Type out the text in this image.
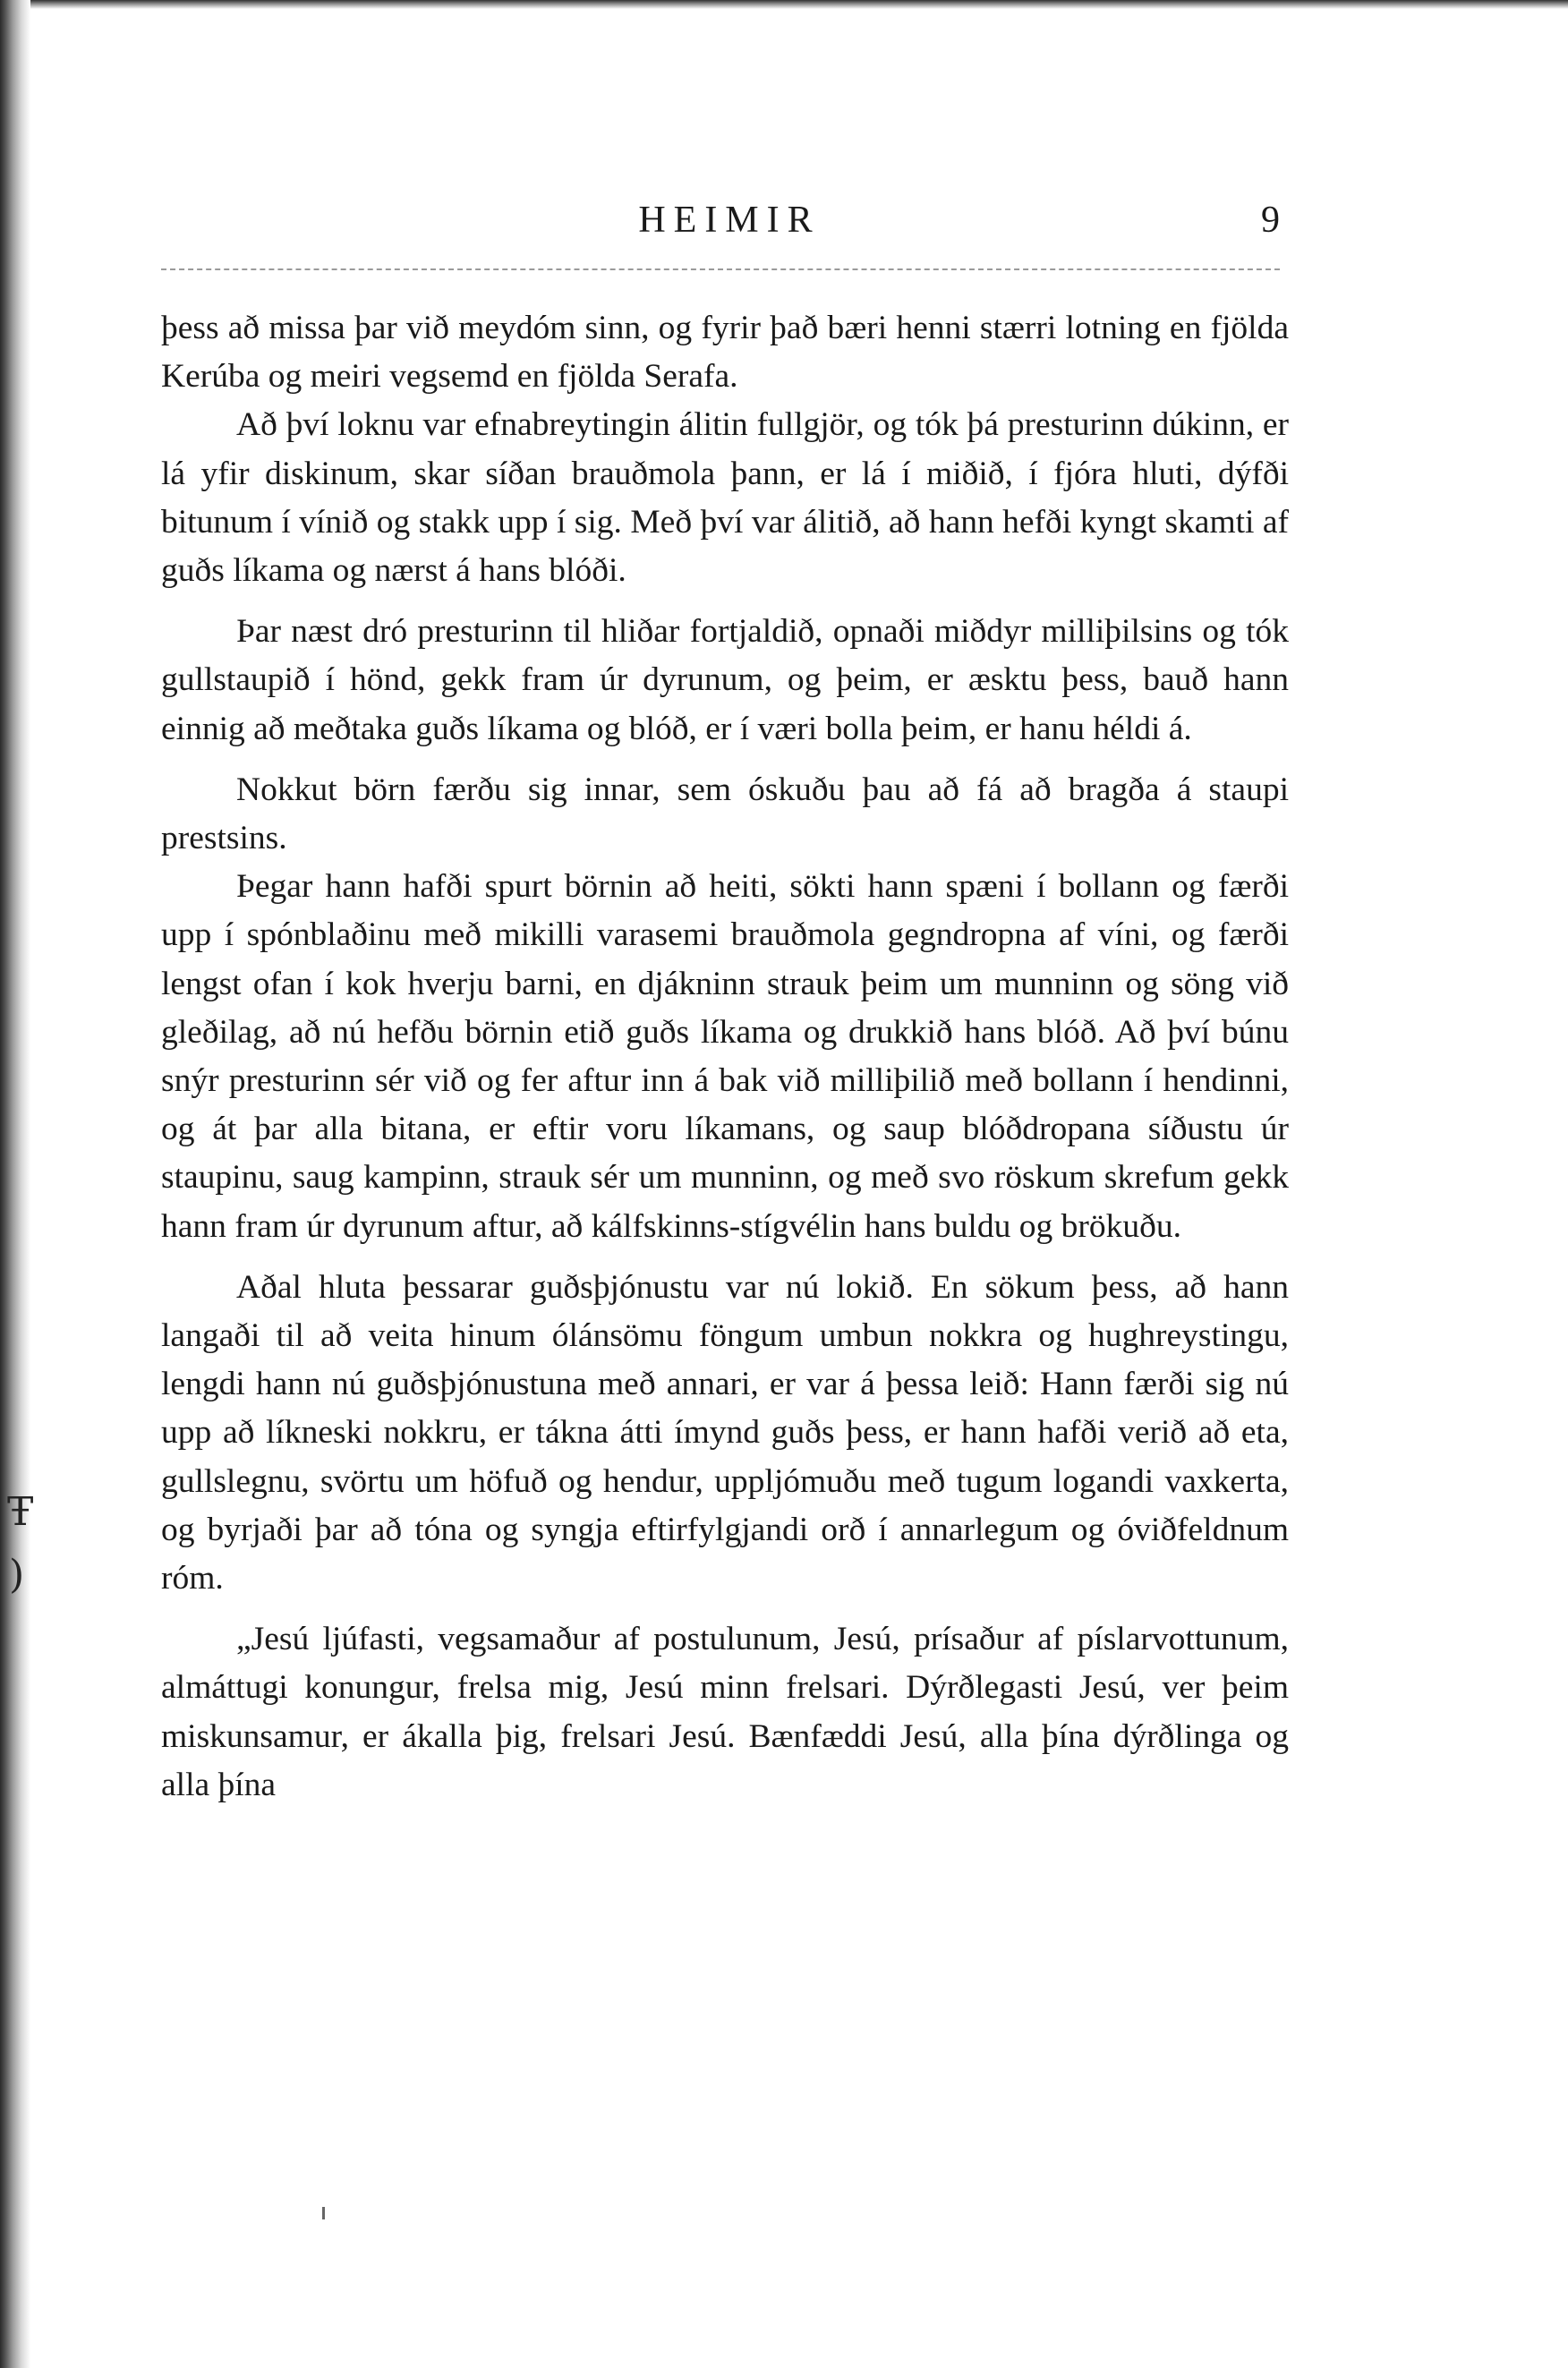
Ŧ
)
HEIMIR	9

þess að missa þar við meydóm sinn, og fyrir það bæri henni stærri lotning en fjölda Kerúba og meiri vegsemd en fjölda Serafa.

Að því loknu var efnabreytingin álitin fullgjör, og tók þá presturinn dúkinn, er lá yfir diskinum, skar síðan brauðmola þann, er lá í miðið, í fjóra hluti, dýfði bitunum í vínið og stakk upp í sig. Með því var álitið, að hann hefði kyngt skamti af guðs líkama og nærst á hans blóði.

Þar næst dró presturinn til hliðar fortjaldið, opnaði miðdyr milliþilsins og tók gullstaupið í hönd, gekk fram úr dyrunum, og þeim, er æsktu þess, bauð hann einnig að meðtaka guðs líkama og blóð, er í væri bolla þeim, er hanu héldi á.

Nokkut börn færðu sig innar, sem óskuðu þau að fá að bragða á staupi prestsins.

Þegar hann hafði spurt börnin að heiti, sökti hann spæni í bollann og færði upp í spónblaðinu með mikilli varasemi brauðmola gegndropna af víni, og færði lengst ofan í kok hverju barni, en djákninn strauk þeim um munninn og söng við gleðilag, að nú hefðu börnin etið guðs líkama og drukkið hans blóð. Að því búnu snýr presturinn sér við og fer aftur inn á bak við milliþilið með bollann í hendinni, og át þar alla bitana, er eftir voru líkamans, og saup blóðdropana síðustu úr staupinu, saug kampinn, strauk sér um munninn, og með svo röskum skrefum gekk hann fram úr dyrunum aftur, að kálfskinns-stígvélin hans buldu og brökuðu.

Aðal hluta þessarar guðsþjónustu var nú lokið. En sökum þess, að hann langaði til að veita hinum ólánsömu föngum umbun nokkra og hughreystingu, lengdi hann nú guðsþjónustuna með annari, er var á þessa leið: Hann færði sig nú upp að líkneski nokkru, er tákna átti ímynd guðs þess, er hann hafði verið að eta, gullslegnu, svörtu um höfuð og hendur, uppljómuðu með tugum logandi vaxkerta, og byrjaði þar að tóna og syngja eftirfylgjandi orð í annarlegum og óviðfeldnum róm.

„Jesú ljúfasti, vegsamaður af postulunum, Jesú, prísaður af píslarvottunum, almáttugi konungur, frelsa mig, Jesú minn frelsari. Dýrðlegasti Jesú, ver þeim miskunsamur, er ákalla þig, frelsari Jesú. Bænfæddi Jesú, alla þína dýrðlinga og alla þína
